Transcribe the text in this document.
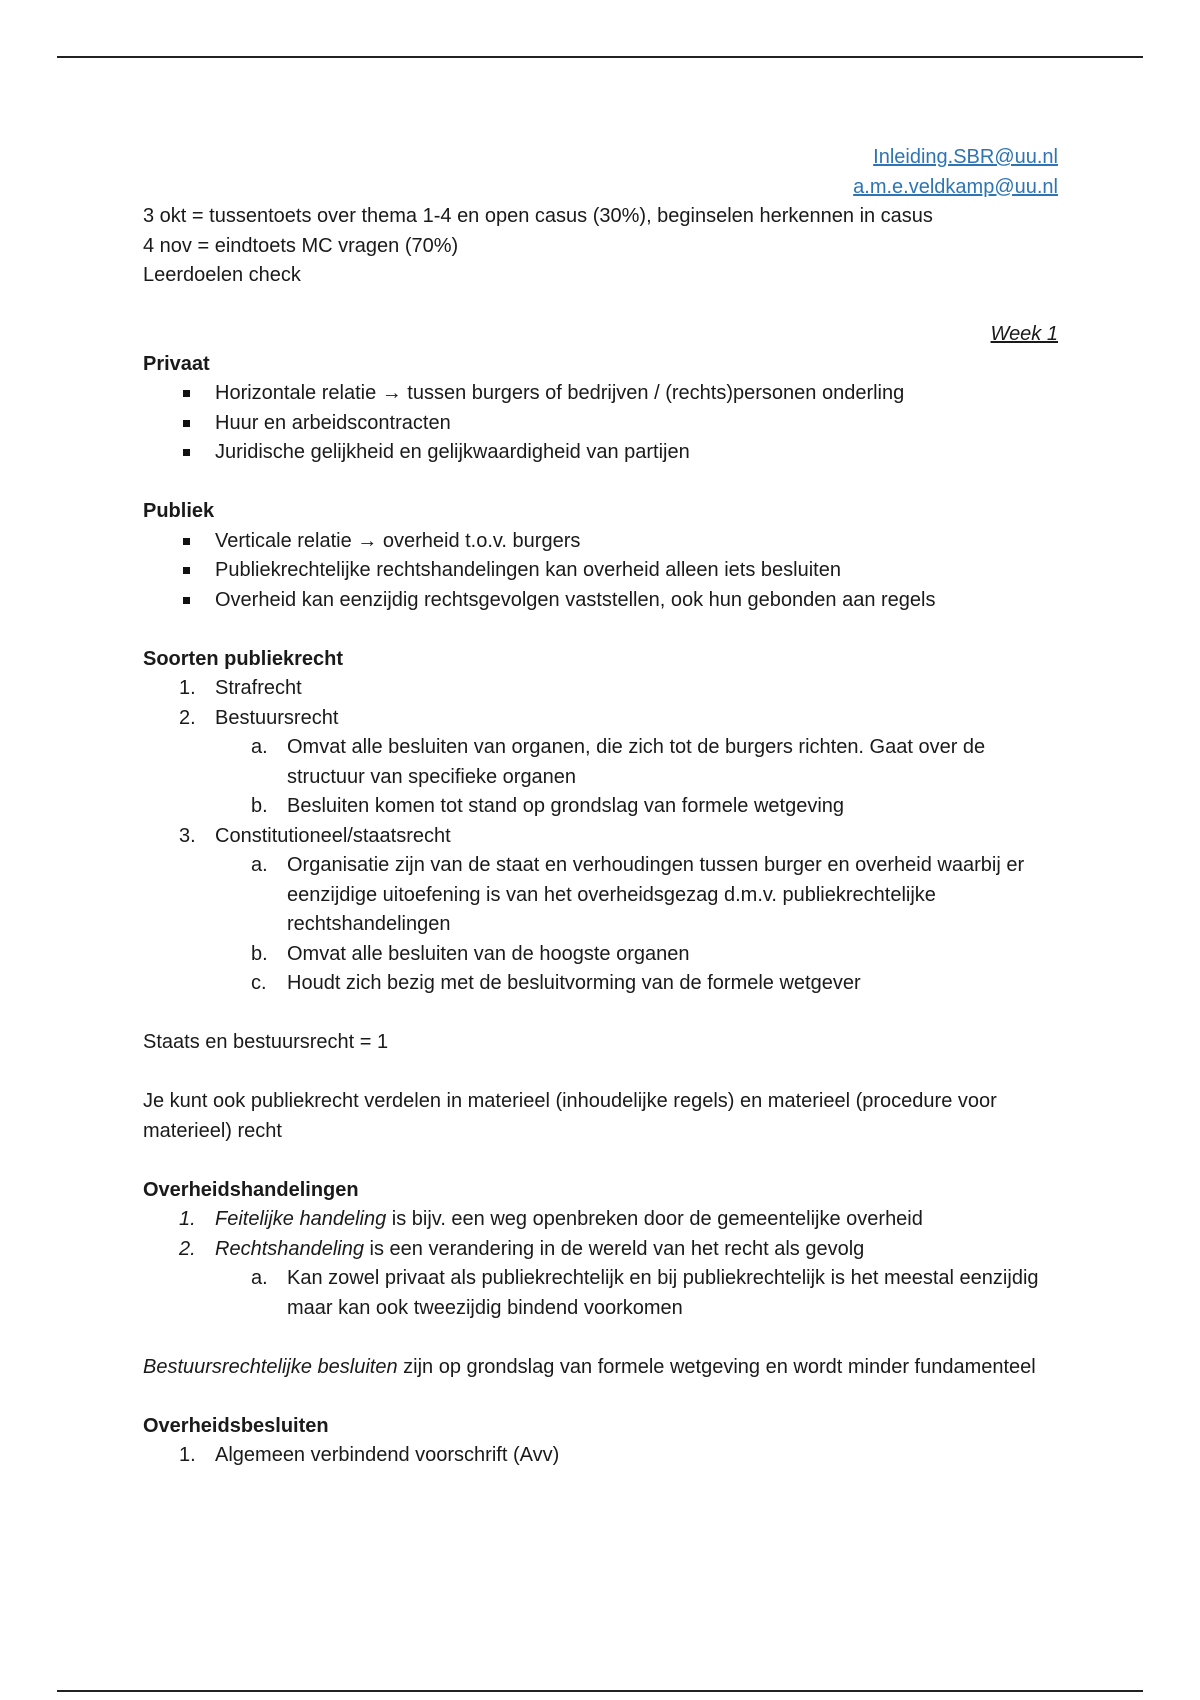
Inleiding.SBR@uu.nl
a.m.e.veldkamp@uu.nl

3 okt = tussentoets over thema 1-4 en open casus (30%), beginselen herkennen in casus

4 nov = eindtoets MC vragen (70%)

Leerdoelen check

Week 1

Privaat

Horizontale relatie → tussen burgers of bedrijven / (rechts)personen onderling
Huur en arbeidscontracten
Juridische gelijkheid en gelijkwaardigheid van partijen

Publiek

Verticale relatie → overheid t.o.v. burgers
Publiekrechtelijke rechtshandelingen kan overheid alleen iets besluiten
Overheid kan eenzijdig rechtsgevolgen vaststellen, ook hun gebonden aan regels

Soorten publiekrecht

1. Strafrecht

2. Bestuursrecht

a. Omvat alle besluiten van organen, die zich tot de burgers richten. Gaat over de structuur van specifieke organen

b. Besluiten komen tot stand op grondslag van formele wetgeving

3. Constitutioneel/staatsrecht

a. Organisatie zijn van de staat en verhoudingen tussen burger en overheid waarbij er eenzijdige uitoefening is van het overheidsgezag d.m.v. publiekrechtelijke rechtshandelingen

b. Omvat alle besluiten van de hoogste organen

c. Houdt zich bezig met de besluitvorming van de formele wetgever

Staats en bestuursrecht = 1

Je kunt ook publiekrecht verdelen in materieel (inhoudelijke regels) en materieel (procedure voor materieel) recht

Overheidshandelingen

1. Feitelijke handeling is bijv. een weg openbreken door de gemeentelijke overheid

2. Rechtshandeling is een verandering in de wereld van het recht als gevolg

a. Kan zowel privaat als publiekrechtelijk en bij publiekrechtelijk is het meestal eenzijdig maar kan ook tweezijdig bindend voorkomen

Bestuursrechtelijke besluiten zijn op grondslag van formele wetgeving en wordt minder fundamenteel

Overheidsbesluiten

1. Algemeen verbindend voorschrift (Avv)
